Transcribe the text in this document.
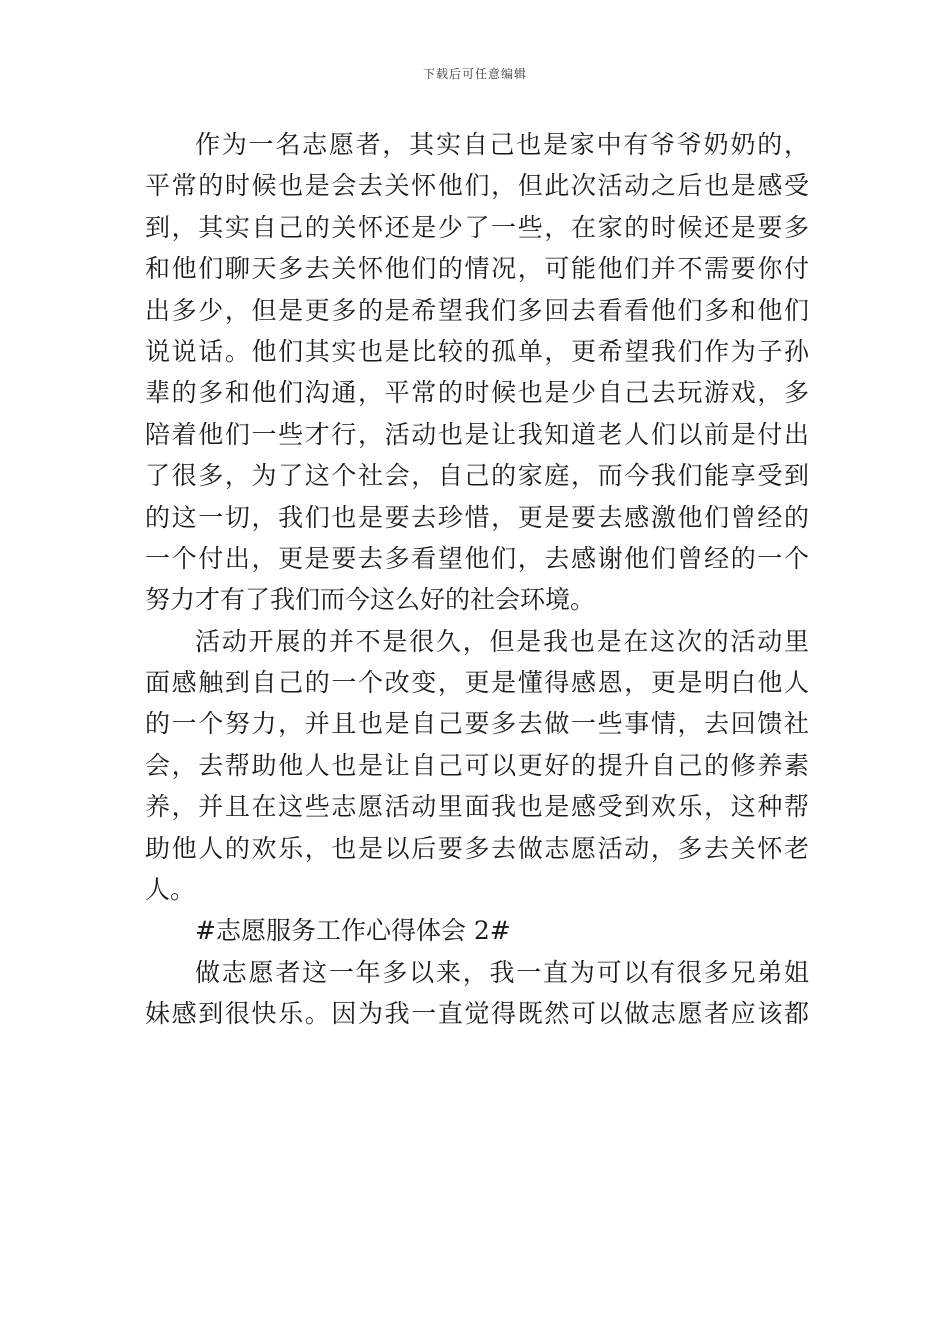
下载后可任意编辑
作为一名志愿者，其实自己也是家中有爷爷奶奶的，
平常的时候也是会去关怀他们，但此次活动之后也是感受
到，其实自己的关怀还是少了一些，在家的时候还是要多
和他们聊天多去关怀他们的情况，可能他们并不需要你付
出多少，但是更多的是希望我们多回去看看他们多和他们
说说话。他们其实也是比较的孤单，更希望我们作为子孙
辈的多和他们沟通，平常的时候也是少自己去玩游戏，多
陪着他们一些才行，活动也是让我知道老人们以前是付出
了很多，为了这个社会，自己的家庭，而今我们能享受到
的这一切，我们也是要去珍惜，更是要去感激他们曾经的
一个付出，更是要去多看望他们，去感谢他们曾经的一个
努力才有了我们而今这么好的社会环境。
活动开展的并不是很久，但是我也是在这次的活动里
面感触到自己的一个改变，更是懂得感恩，更是明白他人
的一个努力，并且也是自己要多去做一些事情，去回馈社
会，去帮助他人也是让自己可以更好的提升自己的修养素
养，并且在这些志愿活动里面我也是感受到欢乐，这种帮
助他人的欢乐，也是以后要多去做志愿活动，多去关怀老
人。
#志愿服务工作心得体会 2#
做志愿者这一年多以来，我一直为可以有很多兄弟姐
妹感到很快乐。因为我一直觉得既然可以做志愿者应该都
